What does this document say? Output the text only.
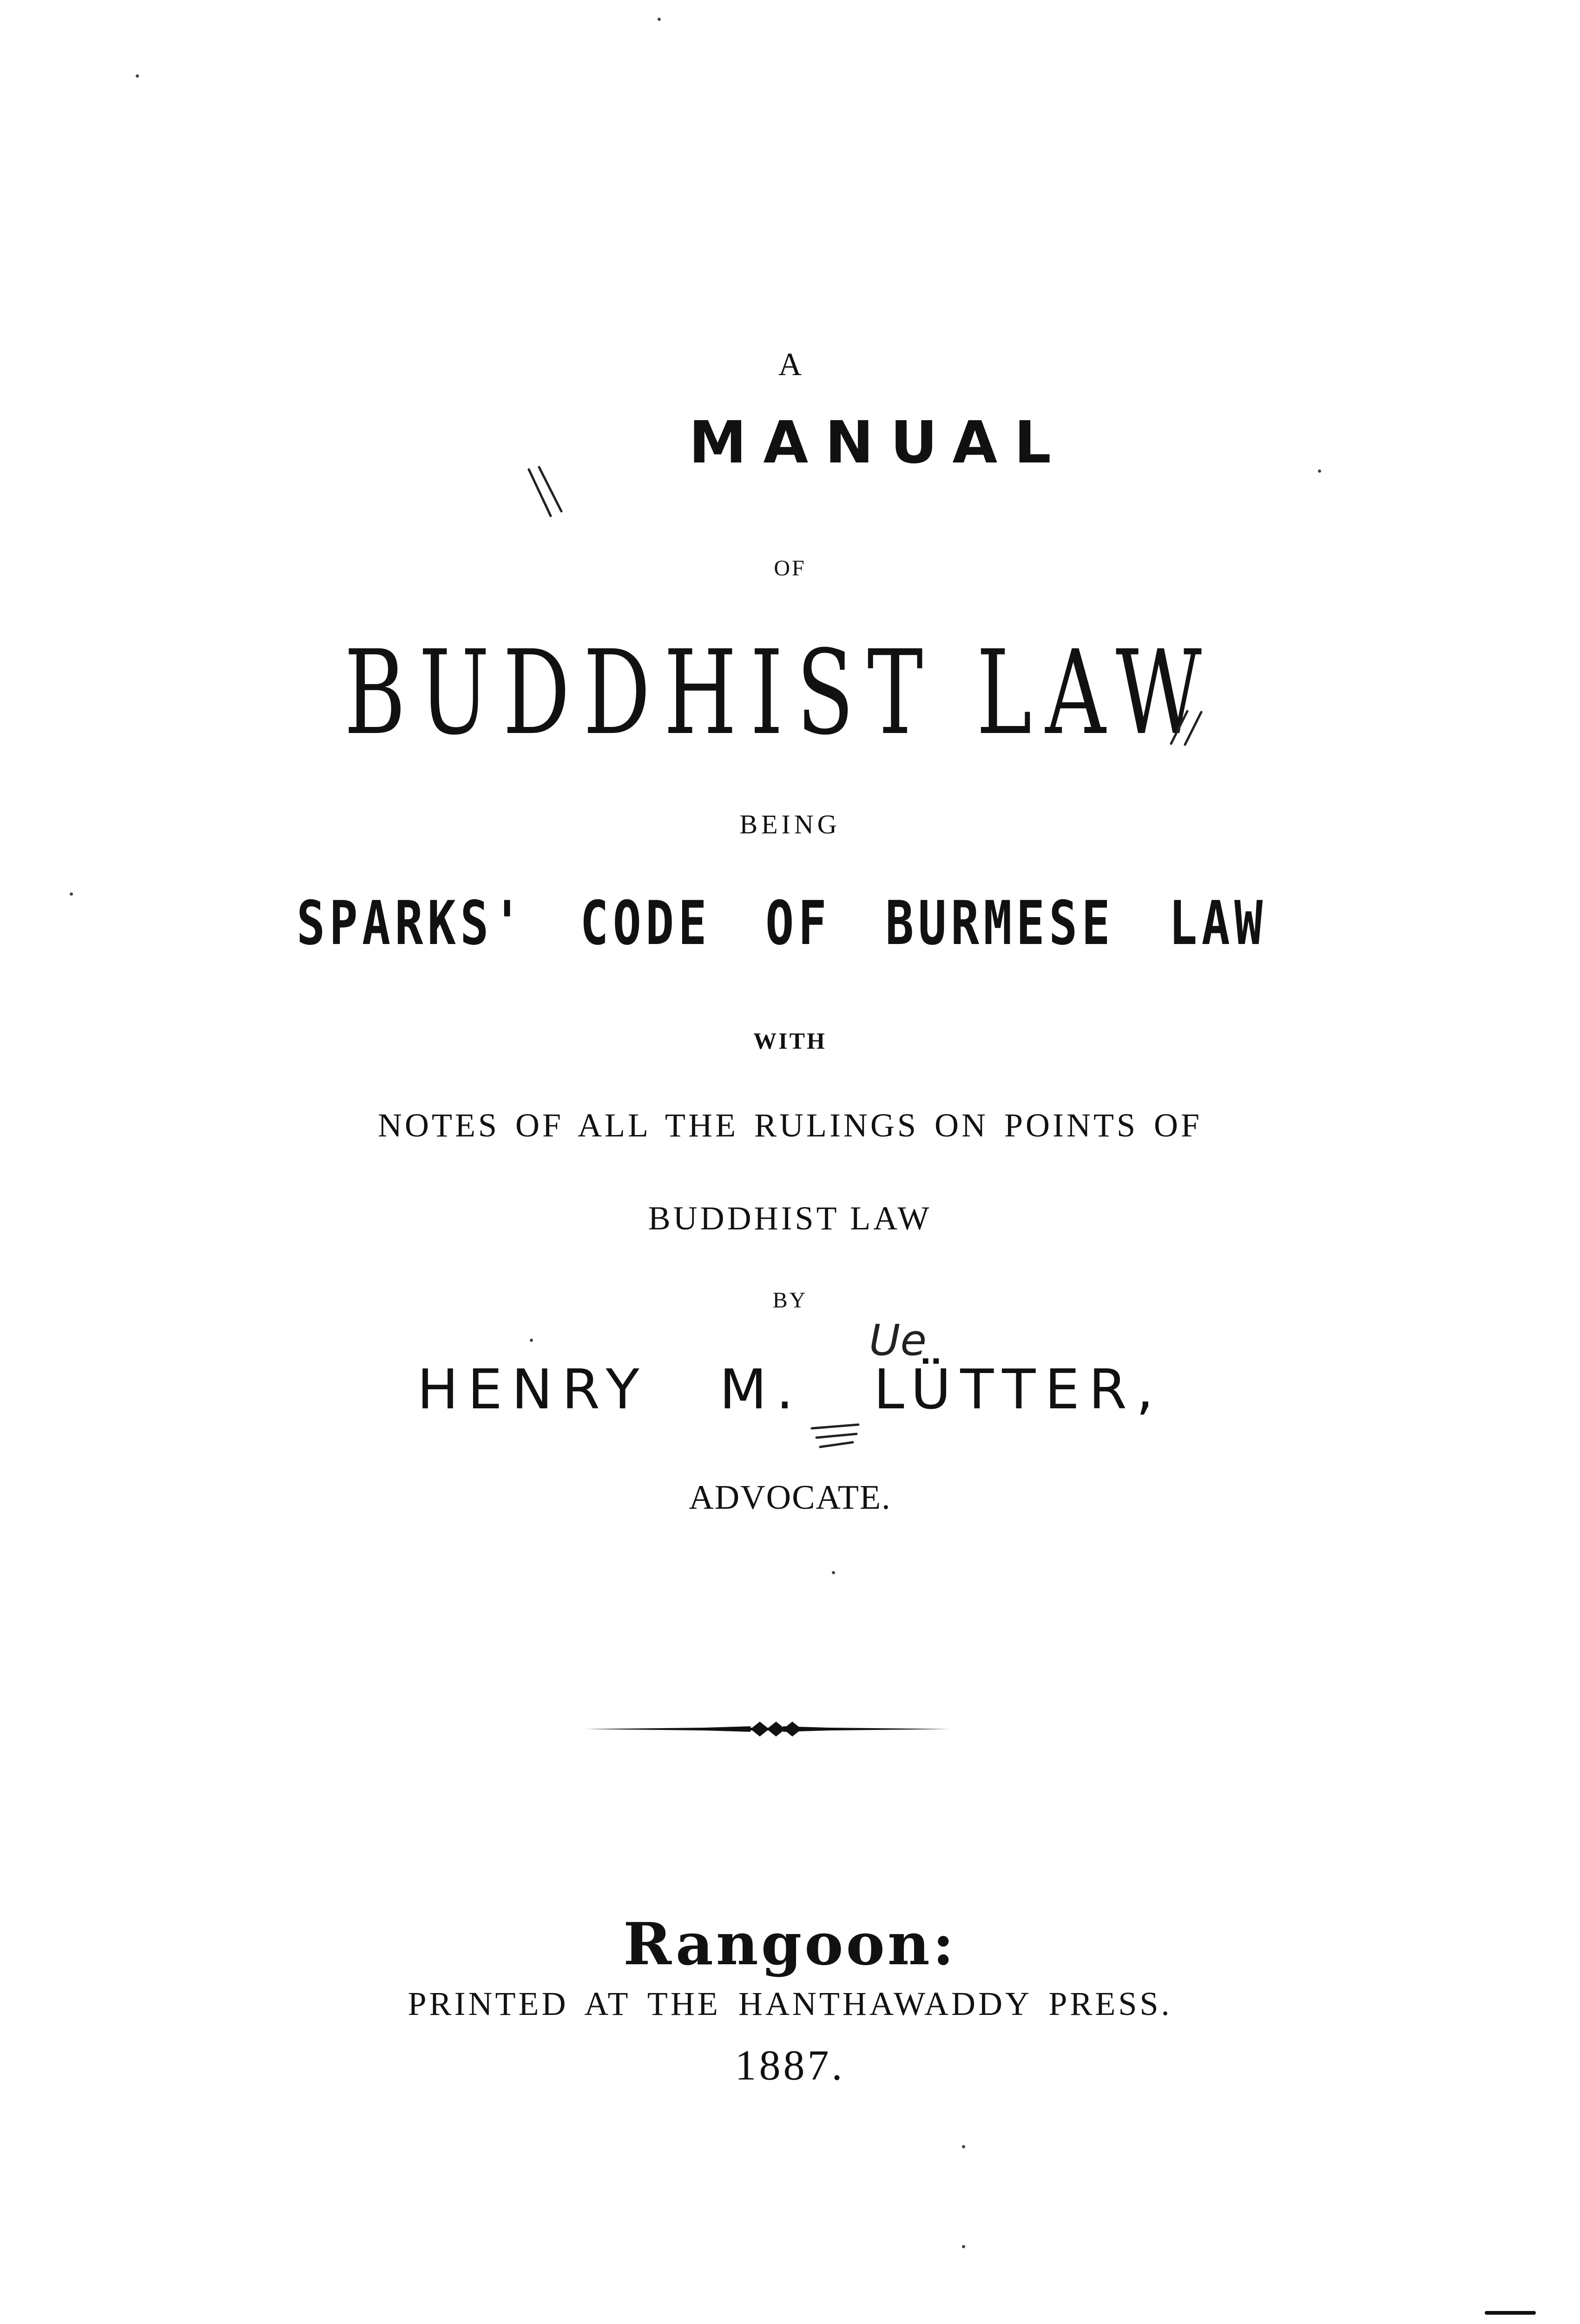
A
MANUAL
OF
BUDDHIST LAW
BEING
SPARKS' CODE OF BURMESE LAW
WITH
NOTES OF ALL THE RULINGS ON POINTS OF
BUDDHIST LAW
BY
Ue
HENRY M. LÜTTER,
ADVOCATE.
Rangoon:
PRINTED AT THE HANTHAWADDY PRESS.
1887.
